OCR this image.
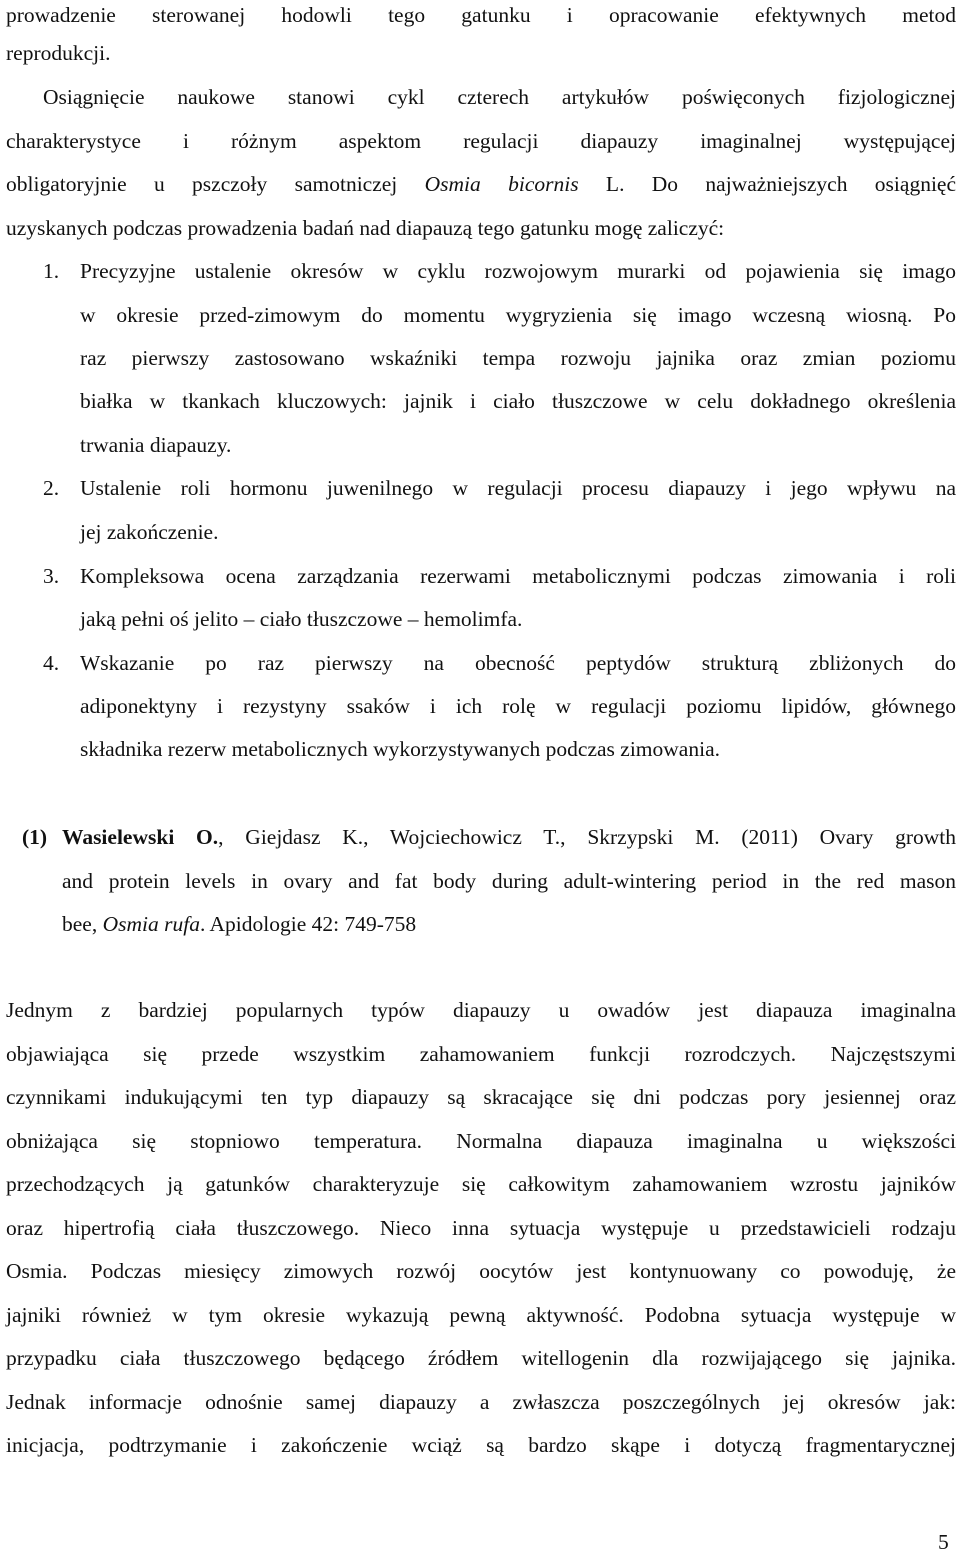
prowadzenie sterowanej hodowli tego gatunku i opracowanie efektywnych metod
reprodukcji.
Osiągnięcie naukowe stanowi cykl czterech artykułów poświęconych fizjologicznej
charakterystyce i różnym aspektom regulacji diapauzy imaginalnej występującej
obligatoryjnie u pszczoły samotniczej Osmia bicornis L. Do najważniejszych osiągnięć
uzyskanych podczas prowadzenia badań nad diapauzą tego gatunku mogę zaliczyć:
1. Precyzyjne ustalenie okresów w cyklu rozwojowym murarki od pojawienia się imago
w okresie przed-zimowym do momentu wygryzienia się imago wczesną wiosną. Po
raz pierwszy zastosowano wskaźniki tempa rozwoju jajnika oraz zmian poziomu
białka w tkankach kluczowych: jajnik i ciało tłuszczowe w celu dokładnego określenia
trwania diapauzy.
2. Ustalenie roli hormonu juwenilnego w regulacji procesu diapauzy i jego wpływu na
jej zakończenie.
3. Kompleksowa ocena zarządzania rezerwami metabolicznymi podczas zimowania i roli
jaką pełni oś jelito – ciało tłuszczowe – hemolimfa.
4. Wskazanie po raz pierwszy na obecność peptydów strukturą zbliżonych do
adiponektyny i rezystyny ssaków i ich rolę w regulacji poziomu lipidów, głównego
składnika rezerw metabolicznych wykorzystywanych podczas zimowania.
(1) Wasielewski O., Giejdasz K., Wojciechowicz T., Skrzypski M. (2011) Ovary growth
and protein levels in ovary and fat body during adult-wintering period in the red mason
bee, Osmia rufa. Apidologie 42: 749-758
Jednym z bardziej popularnych typów diapauzy u owadów jest diapauza imaginalna
objawiająca się przede wszystkim zahamowaniem funkcji rozrodczych. Najczęstszymi
czynnikami indukującymi ten typ diapauzy są skracające się dni podczas pory jesiennej oraz
obniżająca się stopniowo temperatura. Normalna diapauza imaginalna u większości
przechodzących ją gatunków charakteryzuje się całkowitym zahamowaniem wzrostu jajników
oraz hipertrofią ciała tłuszczowego. Nieco inna sytuacja występuje u przedstawicieli rodzaju
Osmia. Podczas miesięcy zimowych rozwój oocytów jest kontynuowany co powoduję, że
jajniki również w tym okresie wykazują pewną aktywność. Podobna sytuacja występuje w
przypadku ciała tłuszczowego będącego źródłem witellogenin dla rozwijającego się jajnika.
Jednak informacje odnośnie samej diapauzy a zwłaszcza poszczególnych jej okresów jak:
inicjacja, podtrzymanie i zakończenie wciąż są bardzo skąpe i dotyczą fragmentarycznej
5
